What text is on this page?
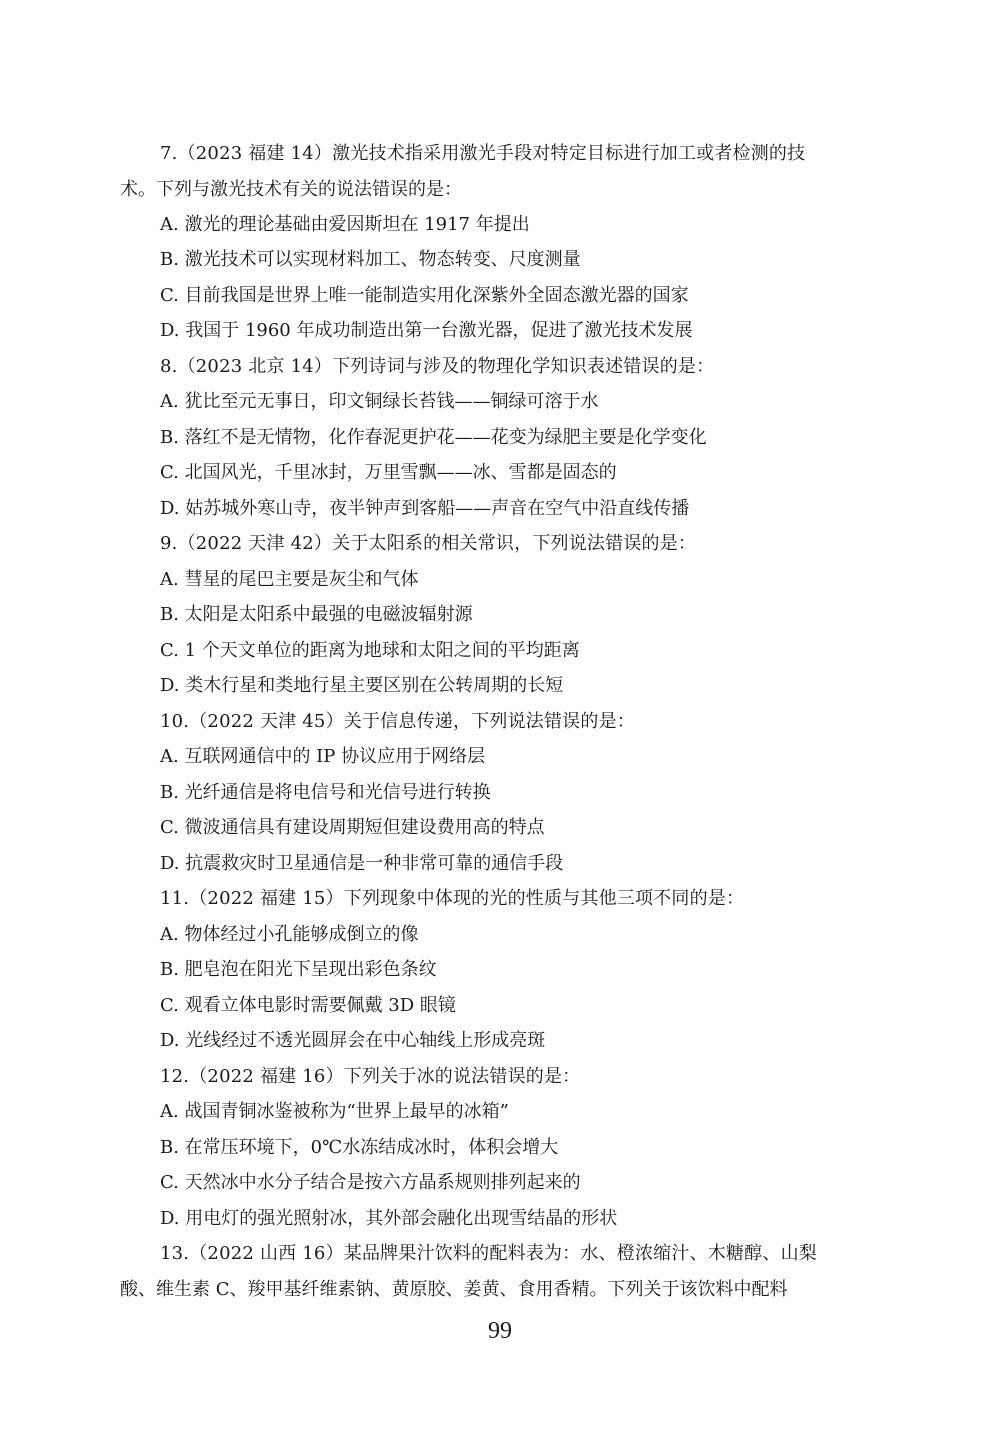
7.（2023 福建 14）激光技术指采用激光手段对特定目标进行加工或者检测的技
术。下列与激光技术有关的说法错误的是：
A. 激光的理论基础由爱因斯坦在 1917 年提出
B. 激光技术可以实现材料加工、物态转变、尺度测量
C. 目前我国是世界上唯一能制造实用化深紫外全固态激光器的国家
D. 我国于 1960 年成功制造出第一台激光器，促进了激光技术发展
8.（2023 北京 14）下列诗词与涉及的物理化学知识表述错误的是：
A. 犹比至元无事日，印文铜绿长苔钱——铜绿可溶于水
B. 落红不是无情物，化作春泥更护花——花变为绿肥主要是化学变化
C. 北国风光，千里冰封，万里雪飘——冰、雪都是固态的
D. 姑苏城外寒山寺，夜半钟声到客船——声音在空气中沿直线传播
9.（2022 天津 42）关于太阳系的相关常识，下列说法错误的是：
A. 彗星的尾巴主要是灰尘和气体
B. 太阳是太阳系中最强的电磁波辐射源
C. 1 个天文单位的距离为地球和太阳之间的平均距离
D. 类木行星和类地行星主要区别在公转周期的长短
10.（2022 天津 45）关于信息传递，下列说法错误的是：
A. 互联网通信中的 IP 协议应用于网络层
B. 光纤通信是将电信号和光信号进行转换
C. 微波通信具有建设周期短但建设费用高的特点
D. 抗震救灾时卫星通信是一种非常可靠的通信手段
11.（2022 福建 15）下列现象中体现的光的性质与其他三项不同的是：
A. 物体经过小孔能够成倒立的像
B. 肥皂泡在阳光下呈现出彩色条纹
C. 观看立体电影时需要佩戴 3D 眼镜
D. 光线经过不透光圆屏会在中心轴线上形成亮斑
12.（2022 福建 16）下列关于冰的说法错误的是：
A. 战国青铜冰鉴被称为“世界上最早的冰箱”
B. 在常压环境下，0℃水冻结成冰时，体积会增大
C. 天然冰中水分子结合是按六方晶系规则排列起来的
D. 用电灯的强光照射冰，其外部会融化出现雪结晶的形状
13.（2022 山西 16）某品牌果汁饮料的配料表为：水、橙浓缩汁、木糖醇、山梨
酸、维生素 C、羧甲基纤维素钠、黄原胶、姜黄、食用香精。下列关于该饮料中配料
99
